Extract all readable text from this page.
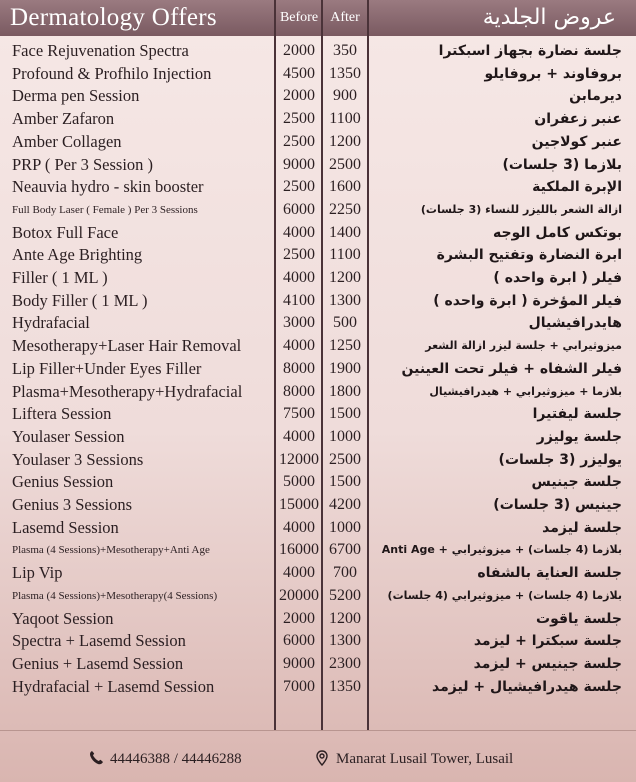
Dermatology Offers	Before After	عروض الجلدية
Face Rejuvenation Spectra	2000	350	جلسة نضارة بجهاز اسبكترا
Profound & Profhilo Injection	4500 1350	بروفاوند + بروفايلو
Derma pen Session	2000	900	ديرمابن
Amber Zafaron	2500 1100	عنبر زعفران
Amber Collagen	2500 1200	عنبر كولاجين
PRP ( Per 3 Session )	9000 2500	بلازما (3 جلسات)
Neauvia hydro - skin booster	2500 1600	الإبرة الملكية
Full Body Laser ( Female ) Per 3 Sessions	6000 2250	ازالة الشعر بالليزر للنساء (3 جلسات)
Botox Full Face	4000 1400	بوتكس كامل الوجه
Ante Age Brighting	2500 1100	ابرة النضارة وتفتيح البشرة
Filler ( 1 ML )	4000 1200	فيلر ( ابرة واحده )
Body Filler ( 1 ML )	4100 1300	فيلر المؤخرة ( ابرة واحده )
Hydrafacial	3000	500	هايدرافيشيال
Mesotherapy+Laser Hair Removal	4000 1250	ميزوثيرابي + جلسة ليزر ازالة الشعر
Lip Filler+Under Eyes Filler	8000 1900	فيلر الشفاه + فيلر تحت العينين
Plasma+Mesotherapy+Hydrafacial	8000 1800	بلازما + ميزوثيرابي + هيدرافيشيال
Liftera Session	7500 1500	جلسة ليفتيرا
Youlaser Session	4000 1000	جلسة يوليزر
Youlaser 3 Sessions	12000 2500	يوليزر (3 جلسات)
Genius Session	5000 1500	جلسة جينيس
Genius 3 Sessions	15000 4200	جينيس (3 جلسات)
Lasemd Session	4000 1000	جلسة ليزمد
Plasma (4 Sessions)+Mesotherapy+Anti Age	16000 6700	بلازما (4 جلسات) + ميزوثيرابي + Anti Age
Lip Vip	4000	700	جلسة العناية بالشفاه
Plasma (4 Sessions)+Mesotherapy(4 Sessions)	20000 5200	بلازما (4 جلسات) + ميزوثيرابي (4 جلسات)
Yaqoot Session	2000 1200	جلسة ياقوت
Spectra + Lasemd Session	6000 1300	جلسة سبكترا + ليزمد
Genius + Lasemd Session	9000 2300	جلسة جينيس + ليزمد
Hydrafacial + Lasemd Session	7000 1350	جلسة هيدرافيشيال + ليزمد
44446388 / 44446288	Manarat Lusail Tower, Lusail
